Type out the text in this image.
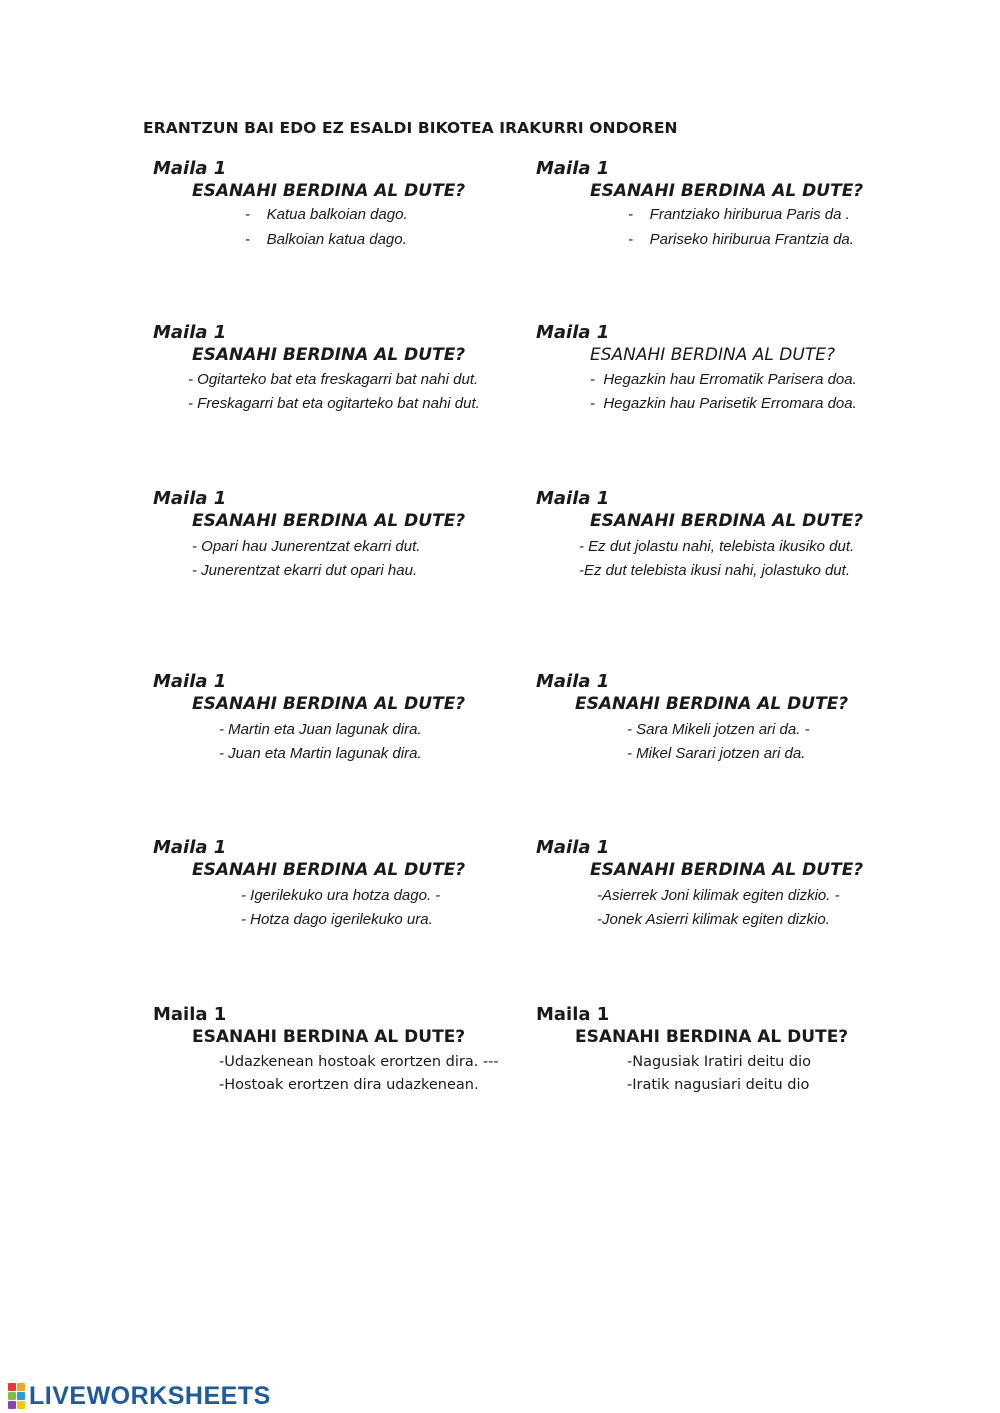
ERANTZUN BAI EDO EZ ESALDI BIKOTEA IRAKURRI ONDOREN
Maila 1
ESANAHI BERDINA AL DUTE?
-    Katua balkoian dago.
-    Balkoian katua dago.
Maila 1
ESANAHI BERDINA AL DUTE?
-    Frantziako hiriburua Paris da .
-    Pariseko hiriburua Frantzia da.
Maila 1
ESANAHI BERDINA AL DUTE?
- Ogitarteko bat eta freskagarri bat nahi dut.
- Freskagarri bat eta ogitarteko bat nahi dut.
Maila 1
ESANAHI BERDINA AL DUTE?
-  Hegazkin hau Erromatik Parisera doa.
-  Hegazkin hau Parisetik Erromara doa.
Maila 1
ESANAHI BERDINA AL DUTE?
- Opari hau Junerentzat ekarri dut.
- Junerentzat ekarri dut opari hau.
Maila 1
ESANAHI BERDINA AL DUTE?
- Ez dut jolastu nahi, telebista ikusiko dut.
-Ez dut telebista ikusi nahi, jolastuko dut.
Maila 1
ESANAHI BERDINA AL DUTE?
- Martin eta Juan lagunak dira.
- Juan eta Martin lagunak dira.
Maila 1
ESANAHI BERDINA AL DUTE?
- Sara Mikeli jotzen ari da. -
- Mikel Sarari jotzen ari da.
Maila 1
ESANAHI BERDINA AL DUTE?
- Igerilekuko ura hotza dago. -
- Hotza dago igerilekuko ura.
Maila 1
ESANAHI BERDINA AL DUTE?
-Asierrek Joni kilimak egiten dizkio. -
-Jonek Asierri kilimak egiten dizkio.
Maila 1
ESANAHI BERDINA AL DUTE?
-Udazkenean hostoak erortzen dira. ---
-Hostoak erortzen dira udazkenean.
Maila 1
ESANAHI BERDINA AL DUTE?
-Nagusiak Iratiri deitu dio
-Iratik nagusiari deitu dio
LIVEWORKSHEETS
